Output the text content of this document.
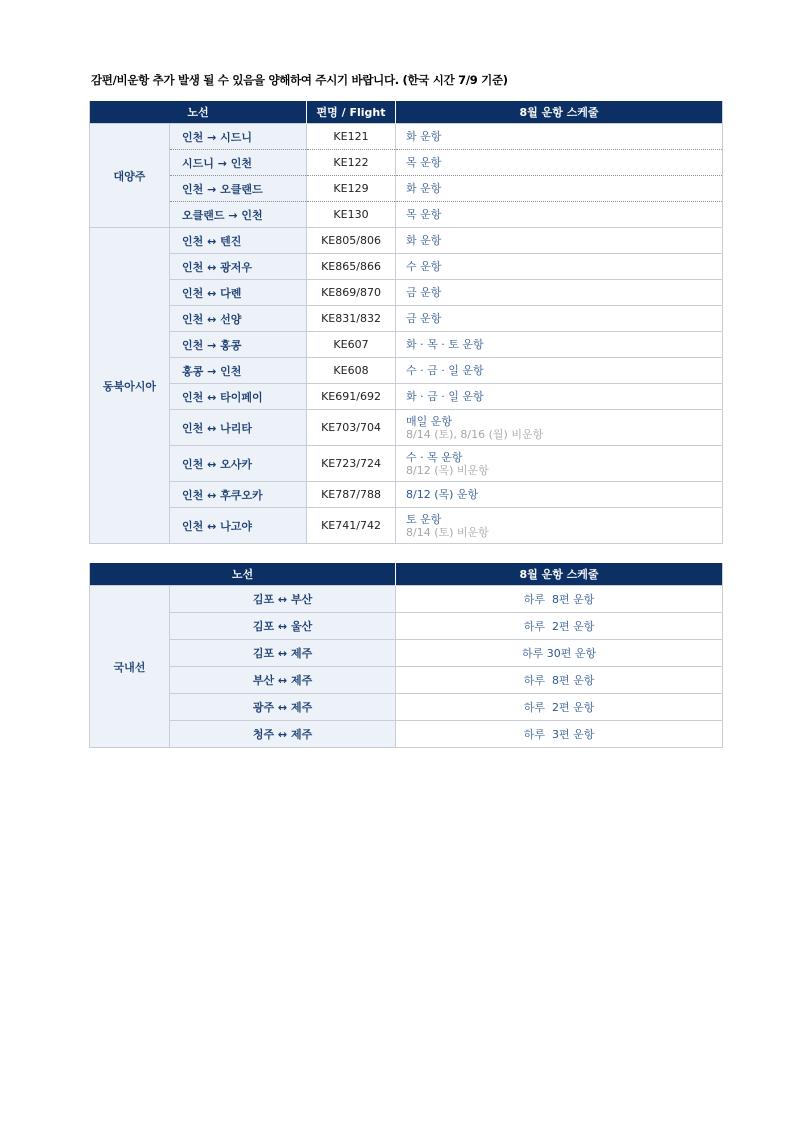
감편/비운항 추가 발생 될 수 있음을 양해하여 주시기 바랍니다. (한국 시간 7/9 기준)
노선		편명 / Flight	8월 운항 스케줄
대양주	인천 → 시드니	KE121	화 운항
	시드니 → 인천	KE122	목 운항
	인천 → 오클랜드	KE129	화 운항
	오클랜드 → 인천	KE130	목 운항
동북아시아	인천 ↔ 텐진	KE805/806	화 운항
	인천 ↔ 광저우	KE865/866	수 운항
	인천 ↔ 다롄	KE869/870	금 운항
	인천 ↔ 선양	KE831/832	금 운항
	인천 → 홍콩	KE607	화 · 목 · 토 운항
	홍콩 → 인천	KE608	수 · 금 · 일 운항
	인천 ↔ 타이페이	KE691/692	화 · 금 · 일 운항
	인천 ↔ 나리타	KE703/704	매일 운항
8/14 (토), 8/16 (월) 비운항

	인천 ↔ 오사카	KE723/724	수 · 목 운항
8/12 (목) 비운항

	인천 ↔ 후쿠오카	KE787/788	8/12 (목) 운항
	인천 ↔ 나고야	KE741/742	토 운항
8/14 (토) 비운항
노선		8월 운항 스케줄
국내선	김포 ↔ 부산	하루  8편 운항
	김포 ↔ 울산	하루  2편 운항
	김포 ↔ 제주	하루 30편 운항
	부산 ↔ 제주	하루  8편 운항
	광주 ↔ 제주	하루  2편 운항
	청주 ↔ 제주	하루  3편 운항
